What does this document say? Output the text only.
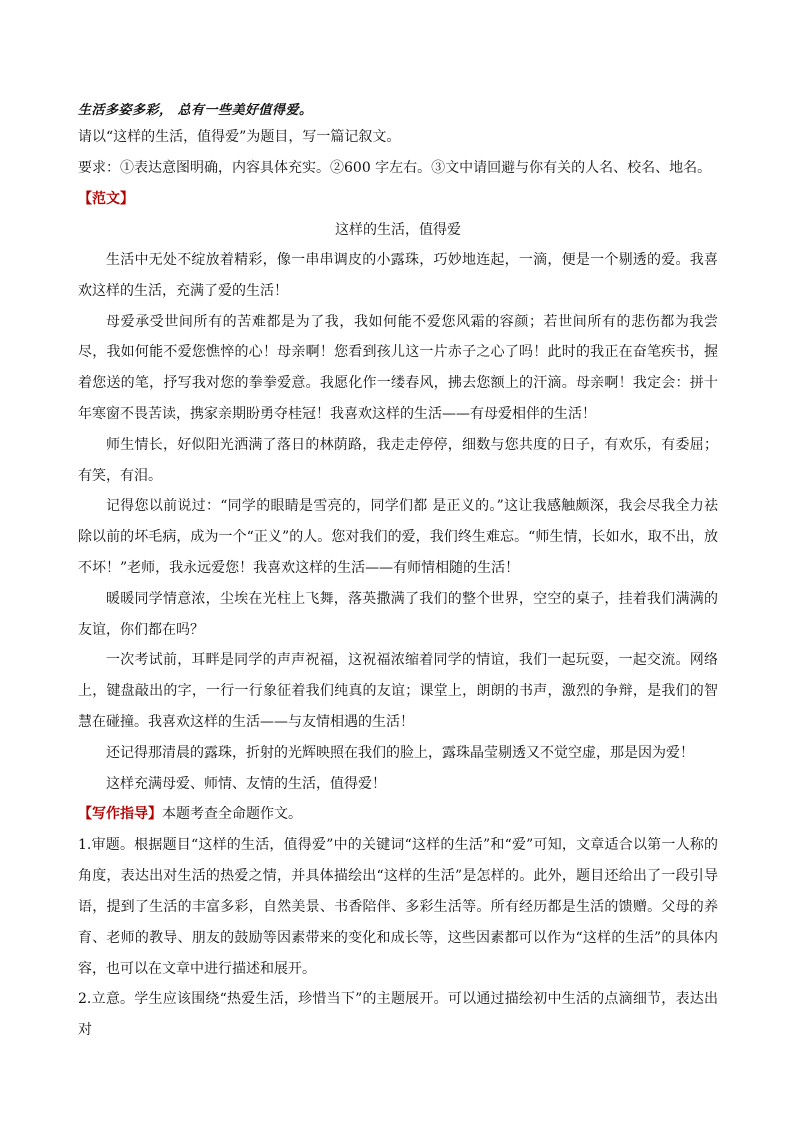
生活多姿多彩， 总有一些美好值得爱。

请以“这样的生活，值得爱”为题目，写一篇记叙文。

要求：①表达意图明确，内容具体充实。②600 字左右。③文中请回避与你有关的人名、校名、地名。

【范文】

这样的生活，值得爱

生活中无处不绽放着精彩，像一串串调皮的小露珠，巧妙地连起，一滴，便是一个剔透的爱。我喜欢这样的生活，充满了爱的生活！

母爱承受世间所有的苦难都是为了我，我如何能不爱您风霜的容颜；若世间所有的悲伤都为我尝尽，我如何能不爱您憔悴的心！母亲啊！您看到孩儿这一片赤子之心了吗！此时的我正在奋笔疾书，握着您送的笔，抒写我对您的拳拳爱意。我愿化作一缕春风，拂去您额上的汗滴。母亲啊！我定会：拼十年寒窗不畏苦读，携家亲期盼勇夺桂冠！我喜欢这样的生活——有母爱相伴的生活！

师生情长，好似阳光洒满了落日的林荫路，我走走停停，细数与您共度的日子，有欢乐，有委屈；有笑，有泪。

记得您以前说过：“同学的眼睛是雪亮的，同学们都 是正义的。”这让我感触颇深，我会尽我全力祛除以前的坏毛病，成为一个“正义”的人。您对我们的爱，我们终生难忘。“师生情，长如水，取不出，放不坏！”老师，我永远爱您！我喜欢这样的生活——有师情相随的生活！

暖暖同学情意浓，尘埃在光柱上飞舞，落英撒满了我们的整个世界，空空的桌子，挂着我们满满的友谊，你们都在吗？

一次考试前，耳畔是同学的声声祝福，这祝福浓缩着同学的情谊，我们一起玩耍，一起交流。网络上，键盘敲出的字，一行一行象征着我们纯真的友谊；课堂上，朗朗的书声，激烈的争辩，是我们的智慧在碰撞。我喜欢这样的生活——与友情相遇的生活！

还记得那清晨的露珠，折射的光辉映照在我们的脸上，露珠晶莹剔透又不觉空虚，那是因为爱！

这样充满母爱、师情、友情的生活，值得爱！

【写作指导】本题考查全命题作文。

1.审题。根据题目“这样的生活，值得爱”中的关键词“这样的生活”和“爱”可知，文章适合以第一人称的角度，表达出对生活的热爱之情，并具体描绘出“这样的生活”是怎样的。此外，题目还给出了一段引导语，提到了生活的丰富多彩，自然美景、书香陪伴、多彩生活等。所有经历都是生活的馈赠。父母的养育、老师的教导、朋友的鼓励等因素带来的变化和成长等，这些因素都可以作为“这样的生活”的具体内容，也可以在文章中进行描述和展开。

2.立意。学生应该围绕“热爱生活，珍惜当下”的主题展开。可以通过描绘初中生活的点滴细节，表达出对
